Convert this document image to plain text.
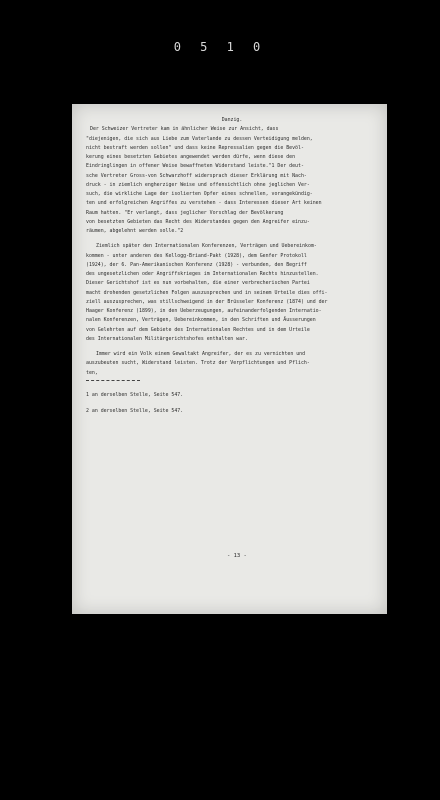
0 5 1 0
Danzig.
Der Schweizer Vertreter kam in ähnlicher Weise zur Ansicht, dass
"diejenigen, die sich aus Liebe zum Vaterlande zu dessen Verteidigung melden,
nicht bestraft werden sollen" und dass keine Repressalien gegen die Bevöl-
kerung eines besetzten Gebietes angewendet werden dürfe, wenn diese den
Eindringlingen in offener Weise bewaffneten Widerstand leiste."1 Der deut-
sche Vertreter Gross-von Schwarzhoff widersprach dieser Erklärung mit Nach-
druck - in ziemlich engherziger Weise und offensichtlich ohne jeglichen Ver-
such, die wirkliche Lage der isolierten Opfer eines schnellen, vorangekündig-
ten und erfolgreichen Angriffes zu verstehen - dass Interessen dieser Art keinen
Raum hatten. "Er verlangt, dass jeglicher Vorschlag der Bevölkerung
von besetzten Gebieten das Recht des Widerstandes gegen den Angreifer einzu-
räumen, abgelehnt werden solle."2
Ziemlich später den Internationalen Konferenzen, Verträgen und Uebereinkom-
kommen - unter anderen des Kellogg-Briand-Pakt (1928), dem Genfer Protokoll
(1924), der 6. Pan-Amerikanischen Konferenz (1928) - verbunden, den Begriff
des ungesetzlichen oder Angriffskrieges im Internationalen Rechts hinzustellen.
Dieser Gerichtshof ist es nun vorbehalten, die einer verbrecherischen Partei
macht drohenden gesetzlichen Folgen auszusprechen und in seinem Urteile dies offi-
ziell auszusprechen, was stillschweigend in der Brüsseler Konferenz (1874) und der
Haager Konferenz (1899), in den Ueberzeugungen, aufeinanderfolgenden Internatio-
nalen Konferenzen, Verträgen, Uebereinkommen, in den Schriften und Äusserungen
von Gelehrten auf dem Gebiete des Internationalen Rechtes und in dem Urteile
des Internationalen Militärgerichtshofes enthalten war.
Immer wird ein Volk einem Gewaltakt Angreifer, der es zu vernichten und
auszubeuten sucht, Widerstand leisten. Trotz der Verpflichtungen und Pflich-
ten,
1 an derselben Stelle, Seite 547.
2 an derselben Stelle, Seite 547.
- 13 -
